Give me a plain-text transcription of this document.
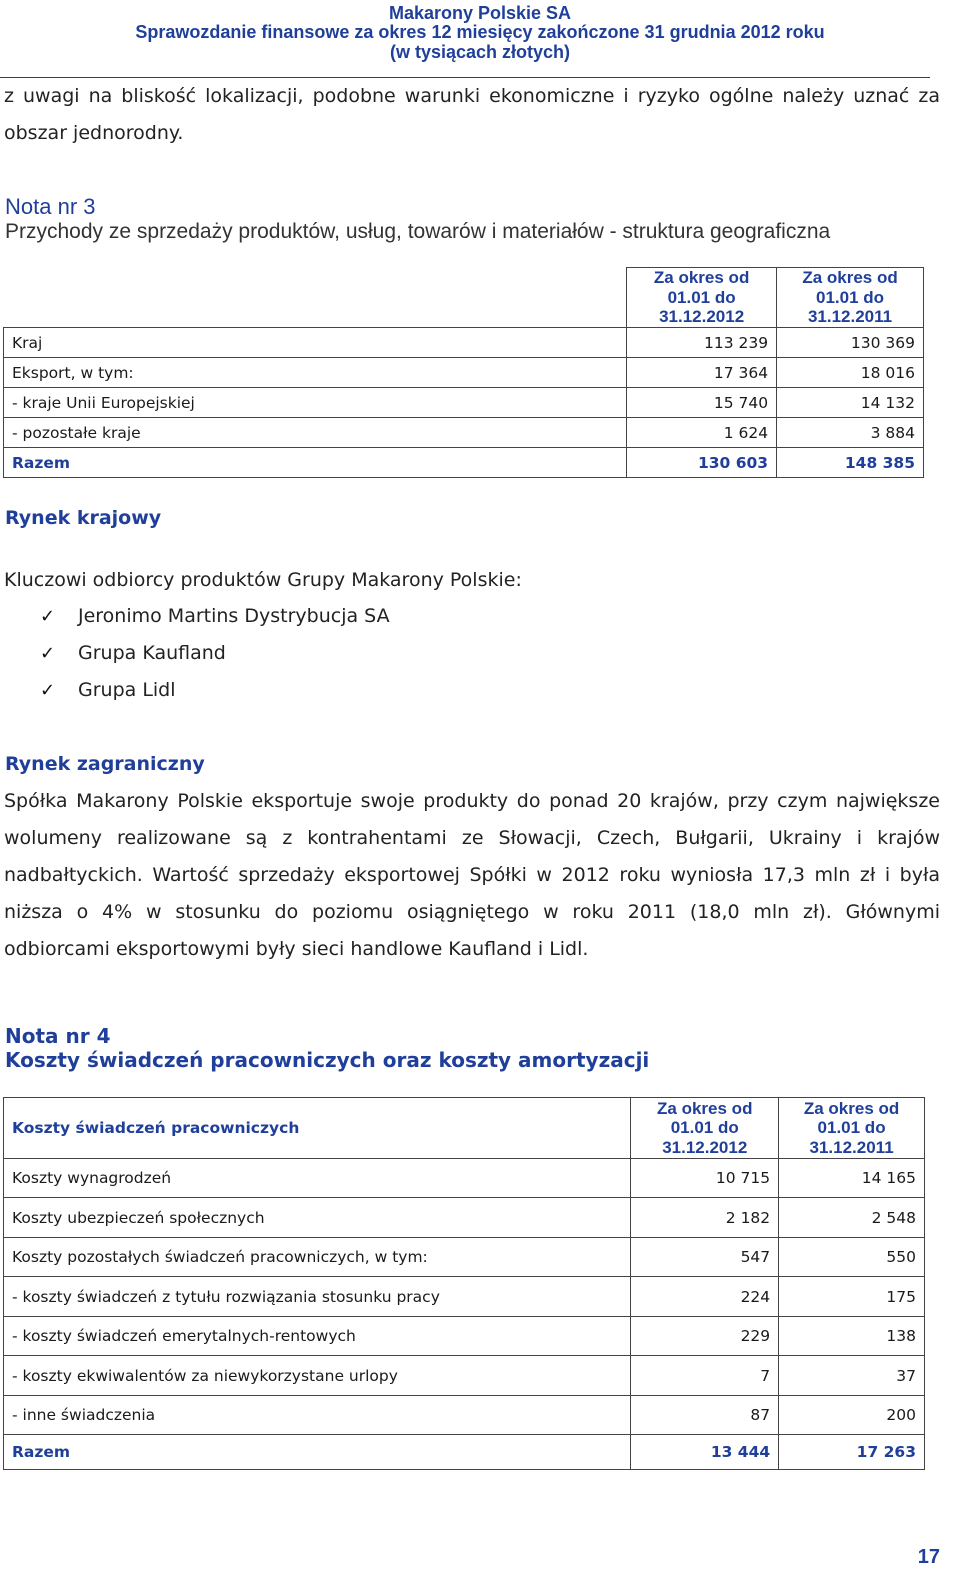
Makarony Polskie SA
Sprawozdanie finansowe za okres 12 miesięcy zakończone 31 grudnia 2012 roku
(w tysiącach złotych)
z uwagi na bliskość lokalizacji, podobne warunki ekonomiczne i ryzyko ogólne należy uznać za obszar jednorodny.
Nota nr 3
Przychody ze sprzedaży produktów, usług, towarów i materiałów - struktura geograficzna
	Za okres od 01.01 do 31.12.2012	Za okres od 01.01 do 31.12.2011
Kraj	113 239	130 369
Eksport, w tym:	17 364	18 016
- kraje Unii Europejskiej	15 740	14 132
- pozostałe kraje	1 624	3 884
Razem	130 603	148 385
Rynek krajowy
Kluczowi odbiorcy produktów Grupy Makarony Polskie:
✓ Jeronimo Martins Dystrybucja SA
✓ Grupa Kaufland
✓ Grupa Lidl
Rynek zagraniczny
Spółka Makarony Polskie eksportuje swoje produkty do ponad 20 krajów, przy czym największe wolumeny realizowane są z kontrahentami ze Słowacji, Czech, Bułgarii, Ukrainy i krajów nadbałtyckich. Wartość sprzedaży eksportowej Spółki w 2012 roku wyniosła 17,3 mln zł i była niższa o 4% w stosunku do poziomu osiągniętego w roku 2011 (18,0 mln zł). Głównymi odbiorcami eksportowymi były sieci handlowe Kaufland i Lidl.
Nota nr 4
Koszty świadczeń pracowniczych oraz koszty amortyzacji
Koszty świadczeń pracowniczych	Za okres od 01.01 do 31.12.2012	Za okres od 01.01 do 31.12.2011
Koszty wynagrodzeń	10 715	14 165
Koszty ubezpieczeń społecznych	2 182	2 548
Koszty pozostałych świadczeń pracowniczych, w tym:	547	550
- koszty świadczeń z tytułu rozwiązania stosunku pracy	224	175
- koszty świadczeń emerytalnych-rentowych	229	138
- koszty ekwiwalentów za niewykorzystane urlopy	7	37
- inne świadczenia	87	200
Razem	13 444	17 263
17
